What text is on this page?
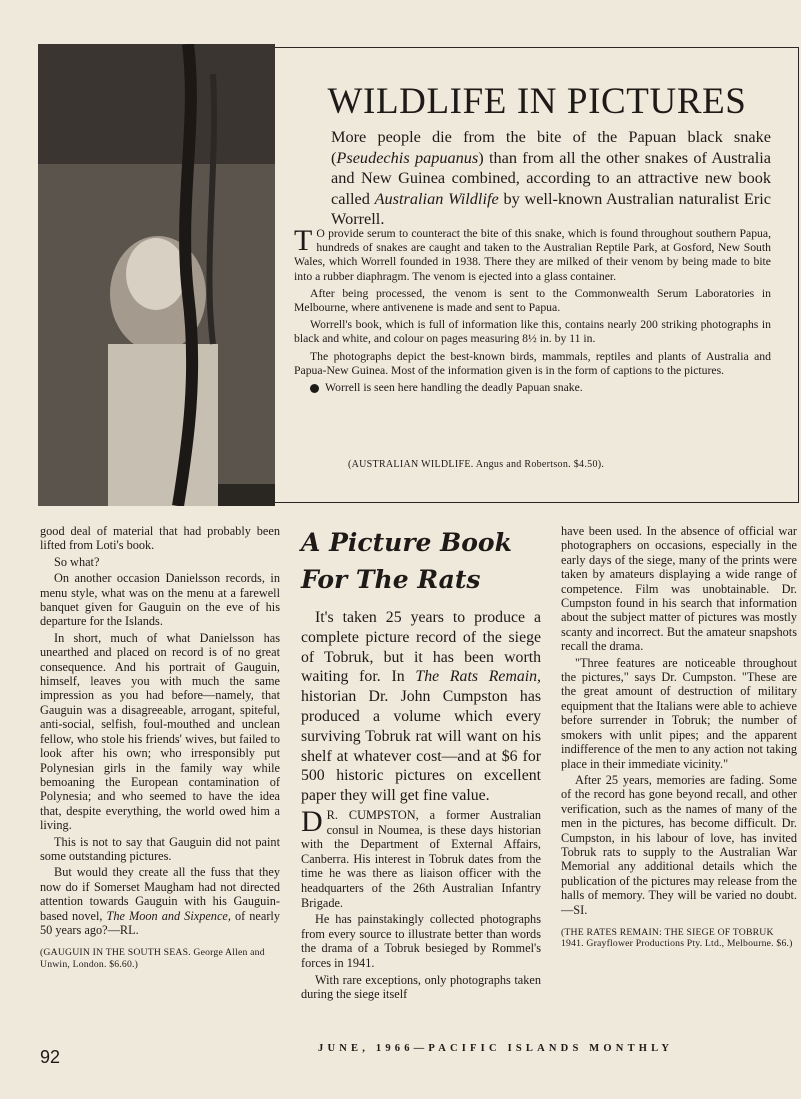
WILDLIFE IN PICTURES

More people die from the bite of the Papuan black snake (Pseudechis papuanus) than from all the other snakes of Australia and New Guinea combined, according to an attractive new book called Australian Wildlife by well-known Australian naturalist Eric Worrell.

T O provide serum to counteract the bite of this snake, which is found throughout southern Papua, hundreds of snakes are caught and taken to the Australian Reptile Park, at Gosford, New South Wales, which Worrell founded in 1938. There they are milked of their venom by being made to bite into a rubber diaphragm. The venom is ejected into a glass container.

After being processed, the venom is sent to the Commonwealth Serum Laboratories in Melbourne, where antivenene is made and sent to Papua.

Worrell's book, which is full of information like this, contains nearly 200 striking photographs in black and white, and colour on pages measuring 8½ in. by 11 in.

The photographs depict the best-known birds, mammals, reptiles and plants of Australia and Papua-New Guinea. Most of the information given is in the form of captions to the pictures.

Worrell is seen here handling the deadly Papuan snake.

(AUSTRALIAN WILDLIFE. Angus and Robertson. $4.50).

good deal of material that had probably been lifted from Loti's book.

So what?

On another occasion Danielsson records, in menu style, what was on the menu at a farewell banquet given for Gauguin on the eve of his departure for the Islands.

In short, much of what Danielsson has unearthed and placed on record is of no great consequence. And his portrait of Gauguin, himself, leaves you with much the same impression as you had before—namely, that Gauguin was a disagreeable, arrogant, spiteful, anti-social, selfish, foul-mouthed and unclean fellow, who stole his friends' wives, but failed to look after his own; who irresponsibly put Polynesian girls in the family way while bemoaning the European contamination of Polynesia; and who seemed to have the idea that, despite everything, the world owed him a living.

This is not to say that Gauguin did not paint some outstanding pictures.

But would they create all the fuss that they now do if Somerset Maugham had not directed attention towards Gauguin with his Gauguin-based novel, The Moon and Sixpence, of nearly 50 years ago?—RL.

(GAUGUIN IN THE SOUTH SEAS. George Allen and Unwin, London. $6.60.)
A Picture Book
For The Rats

It's taken 25 years to produce a complete picture record of the siege of Tobruk, but it has been worth waiting for. In The Rats Remain, historian Dr. John Cumpston has produced a volume which every surviving Tobruk rat will want on his shelf at whatever cost—and at $6 for 500 historic pictures on excellent paper they will get fine value.

D R. CUMPSTON, a former Australian consul in Noumea, is these days historian with the Department of External Affairs, Canberra. His interest in Tobruk dates from the time he was there as liaison officer with the headquarters of the 26th Australian Infantry Brigade.

He has painstakingly collected photographs from every source to illustrate better than words the drama of a Tobruk besieged by Rommel's forces in 1941.

With rare exceptions, only photographs taken during the siege itself

have been used. In the absence of official war photographers on occasions, especially in the early days of the siege, many of the prints were taken by amateurs displaying a wide range of competence. Film was unobtainable. Dr. Cumpston found in his search that information about the subject matter of pictures was mostly scanty and incorrect. But the amateur snapshots recall the drama.

"Three features are noticeable throughout the pictures," says Dr. Cumpston. "These are the great amount of destruction of military equipment that the Italians were able to achieve before surrender in Tobruk; the number of smokers with unlit pipes; and the apparent indifference of the men to any action not taking place in their immediate vicinity."

After 25 years, memories are fading. Some of the record has gone beyond recall, and other verification, such as the names of many of the men in the pictures, has become difficult. Dr. Cumpston, in his labour of love, has invited Tobruk rats to supply to the Australian War Memorial any additional details which the publication of the pictures may release from the halls of memory. They will be varied no doubt.—SI.

(THE RATES REMAIN: THE SIEGE OF TOBRUK 1941. Grayflower Productions Pty. Ltd., Melbourne. $6.)
92	JUNE, 1966—PACIFIC ISLANDS MONTHLY
